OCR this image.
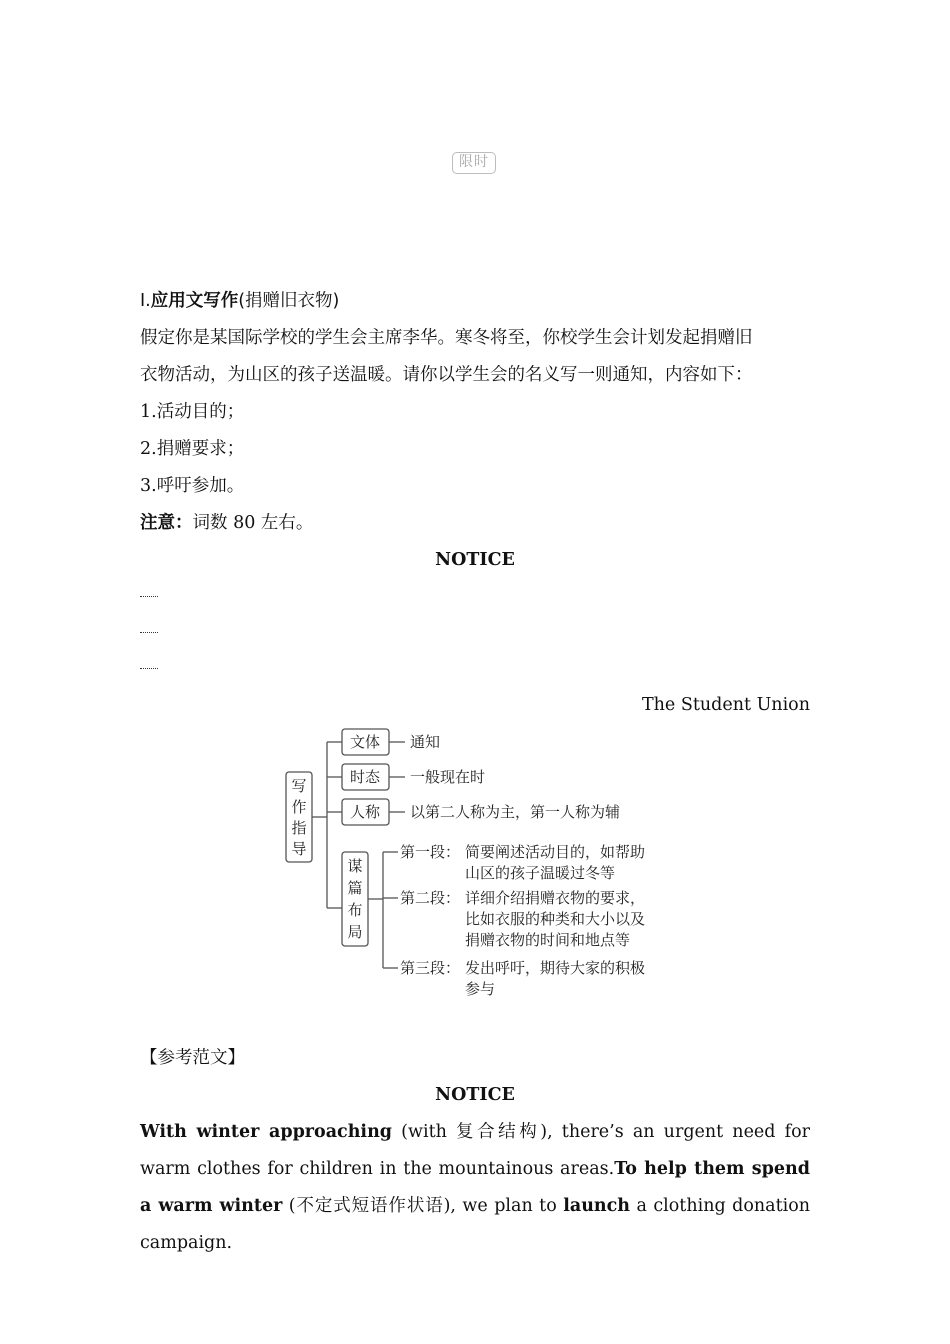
限时
Ⅰ.应用文写作(捐赠旧衣物)
假定你是某国际学校的学生会主席李华。寒冬将至，你校学生会计划发起捐赠旧
衣物活动，为山区的孩子送温暖。请你以学生会的名义写一则通知，内容如下：
1.活动目的；
2.捐赠要求；
3.呼吁参加。
注意：词数 80 左右。
NOTICE
The Student Union
写
作
指
导
文体
时态
人称
通知
一般现在时
以第二人称为主，第一人称为辅
谋
篇
布
局
第一段： 简要阐述活动目的，如帮助
山区的孩子温暖过冬等
第二段： 详细介绍捐赠衣物的要求，
比如衣服的种类和大小以及
捐赠衣物的时间和地点等
第三段： 发出呼吁，期待大家的积极
参与
【参考范文】
NOTICE
With winter approaching (with 复合结构), there’s an urgent need for warm clothes for children in the mountainous areas.To help them spend a warm winter (不定式短语作状语), we plan to launch a clothing donation campaign.
